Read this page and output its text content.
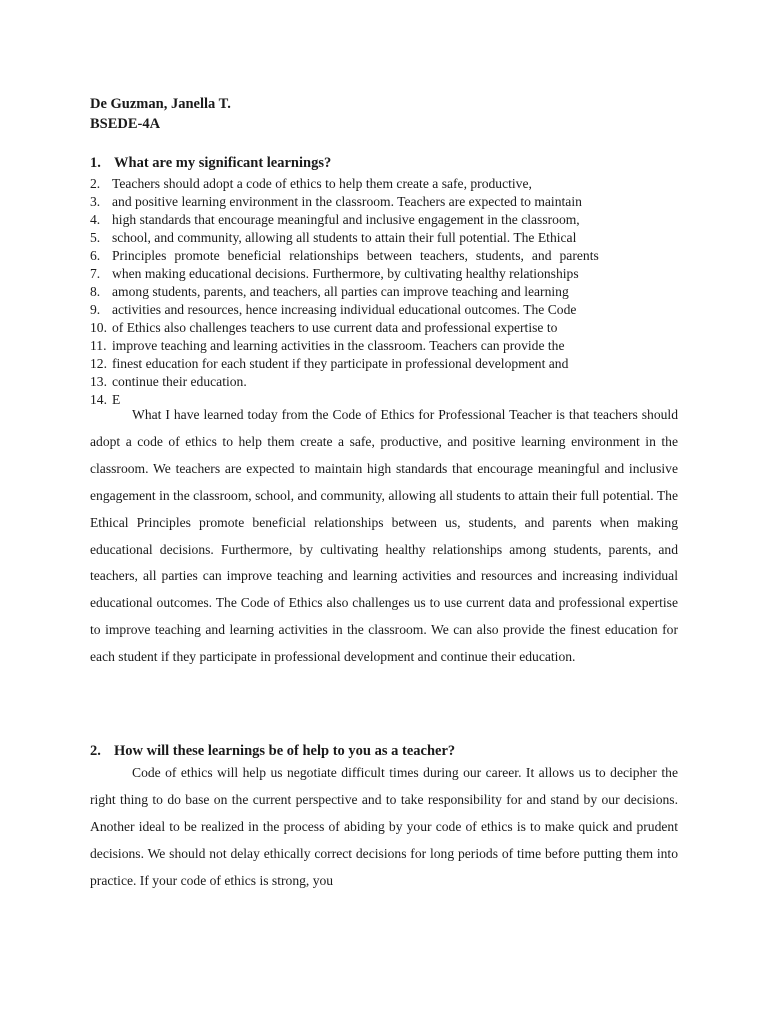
De Guzman, Janella T.
BSEDE-4A
1. What are my significant learnings?
2. Teachers should adopt a code of ethics to help them create a safe, productive,
3. and positive learning environment in the classroom. Teachers are expected to maintain
4. high standards that encourage meaningful and inclusive engagement in the classroom,
5. school, and community, allowing all students to attain their full potential. The Ethical
6. Principles promote beneficial relationships between teachers, students, and parents
7. when making educational decisions. Furthermore, by cultivating healthy relationships
8. among students, parents, and teachers, all parties can improve teaching and learning
9. activities and resources, hence increasing individual educational outcomes. The Code
10. of Ethics also challenges teachers to use current data and professional expertise to
11. improve teaching and learning activities in the classroom. Teachers can provide the
12. finest education for each student if they participate in professional development and
13. continue their education.
14. E

What I have learned today from the Code of Ethics for Professional Teacher is that teachers should adopt a code of ethics to help them create a safe, productive, and positive learning environment in the classroom. We teachers are expected to maintain high standards that encourage meaningful and inclusive engagement in the classroom, school, and community, allowing all students to attain their full potential. The Ethical Principles promote beneficial relationships between us, students, and parents when making educational decisions. Furthermore, by cultivating healthy relationships among students, parents, and teachers, all parties can improve teaching and learning activities and resources and increasing individual educational outcomes. The Code of Ethics also challenges us to use current data and professional expertise to improve teaching and learning activities in the classroom. We can also provide the finest education for each student if they participate in professional development and continue their education.

2. How will these learnings be of help to you as a teacher?

Code of ethics will help us negotiate difficult times during our career. It allows us to decipher the right thing to do base on the current perspective and to take responsibility for and stand by our decisions. Another ideal to be realized in the process of abiding by your code of ethics is to make quick and prudent decisions. We should not delay ethically correct decisions for long periods of time before putting them into practice. If your code of ethics is strong, you
